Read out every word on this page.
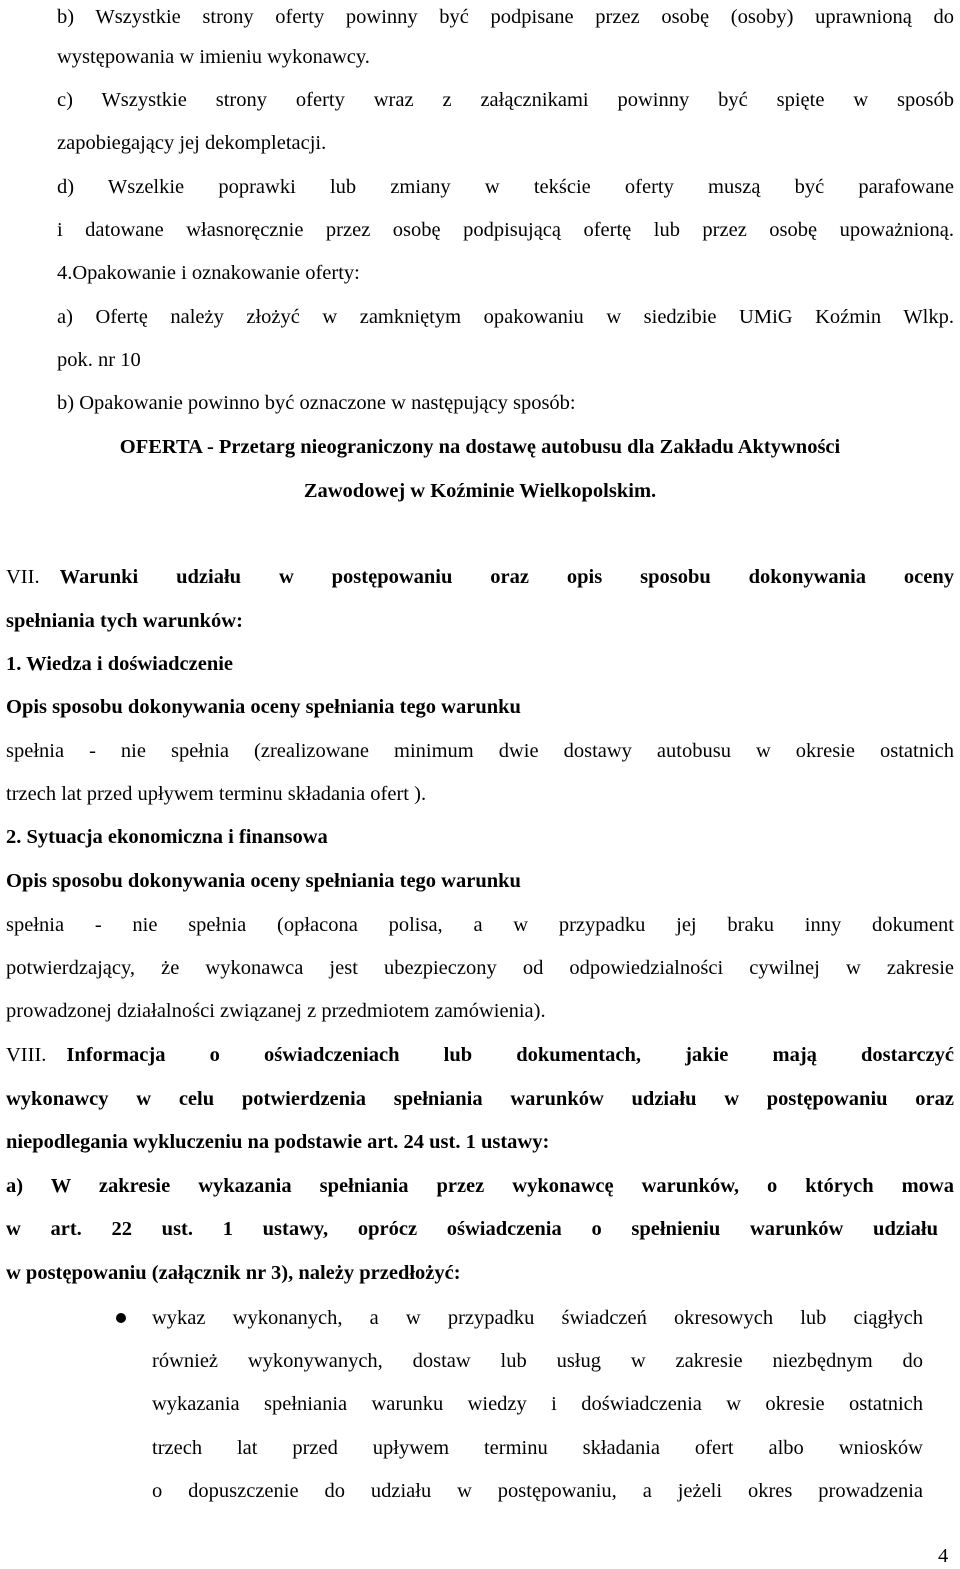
b) Wszystkie strony oferty powinny być podpisane przez osobę (osoby) uprawnioną do
występowania w imieniu wykonawcy.
c) Wszystkie strony oferty wraz z załącznikami powinny być spięte w sposób
zapobiegający jej dekompletacji.
d) Wszelkie poprawki lub zmiany w tekście oferty muszą być parafowane
i datowane własnoręcznie przez osobę podpisującą ofertę lub przez osobę upoważnioną.
4.Opakowanie i oznakowanie oferty:
a) Ofertę należy złożyć w zamkniętym opakowaniu w siedzibie UMiG Koźmin Wlkp.
pok. nr 10
b) Opakowanie powinno być oznaczone w następujący sposób:
OFERTA - Przetarg nieograniczony na dostawę autobusu dla Zakładu Aktywności
Zawodowej w Koźminie Wielkopolskim.
VII. Warunki udziału w postępowaniu oraz opis sposobu dokonywania oceny
spełniania tych warunków:
1. Wiedza i doświadczenie
Opis sposobu dokonywania oceny spełniania tego warunku
spełnia - nie spełnia (zrealizowane minimum dwie dostawy autobusu w okresie ostatnich
trzech lat przed upływem terminu składania ofert ).
2. Sytuacja ekonomiczna i finansowa
Opis sposobu dokonywania oceny spełniania tego warunku
spełnia - nie spełnia (opłacona polisa, a w przypadku jej braku inny dokument
potwierdzający, że wykonawca jest ubezpieczony od odpowiedzialności cywilnej w zakresie
prowadzonej działalności związanej z przedmiotem zamówienia).
VIII. Informacja o oświadczeniach lub dokumentach, jakie mają dostarczyć
wykonawcy w celu potwierdzenia spełniania warunków udziału w postępowaniu oraz
niepodlegania wykluczeniu na podstawie art. 24 ust. 1 ustawy:
a) W zakresie wykazania spełniania przez wykonawcę warunków, o których mowa
w art. 22 ust. 1 ustawy, oprócz oświadczenia o spełnieniu warunków udziału
w postępowaniu (załącznik nr 3), należy przedłożyć:
wykaz wykonanych, a w przypadku świadczeń okresowych lub ciągłych
również wykonywanych, dostaw lub usług w zakresie niezbędnym do
wykazania spełniania warunku wiedzy i doświadczenia w okresie ostatnich
trzech lat przed upływem terminu składania ofert albo wniosków
o dopuszczenie do udziału w postępowaniu, a jeżeli okres prowadzenia
4
